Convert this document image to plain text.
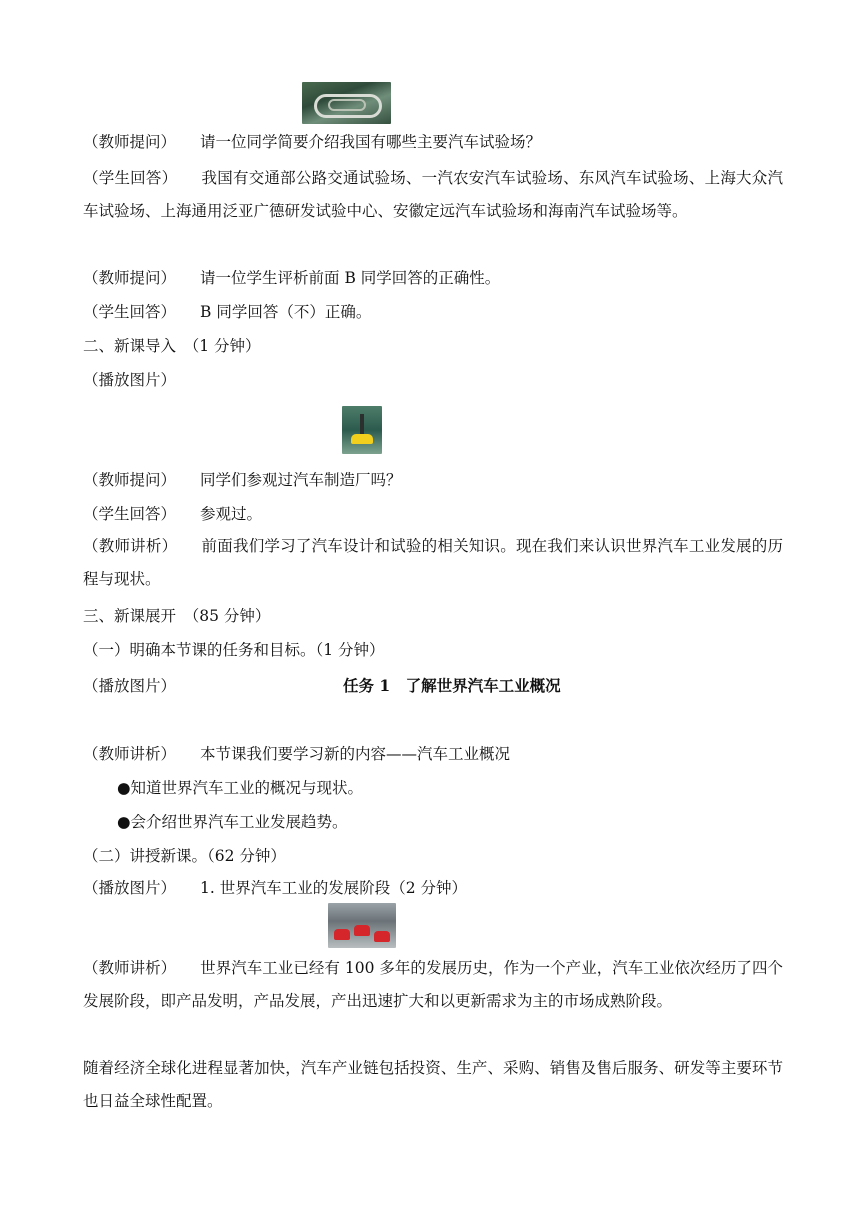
（教师提问） 请一位同学简要介绍我国有哪些主要汽车试验场？
（学生回答） 我国有交通部公路交通试验场、一汽农安汽车试验场、东风汽车试验场、上海大众汽车试验场、上海通用泛亚广德研发试验中心、安徽定远汽车试验场和海南汽车试验场等。
（教师提问） 请一位学生评析前面 B 同学回答的正确性。
（学生回答） B 同学回答（不）正确。
二、新课导入　（1 分钟）
（播放图片）
（教师提问） 同学们参观过汽车制造厂吗？
（学生回答） 参观过。
（教师讲析） 前面我们学习了汽车设计和试验的相关知识。现在我们来认识世界汽车工业发展的历程与现状。
三、新课展开　（85 分钟）
（一）明确本节课的任务和目标。（1 分钟）
（播放图片）	任务 1　了解世界汽车工业概况
（教师讲析） 本节课我们要学习新的内容——汽车工业概况
●知道世界汽车工业的概况与现状。
●会介绍世界汽车工业发展趋势。
（二）讲授新课。（62 分钟）
（播放图片） 1. 世界汽车工业的发展阶段（2 分钟）
（教师讲析） 世界汽车工业已经有 100 多年的发展历史，作为一个产业，汽车工业依次经历了四个发展阶段，即产品发明，产品发展，产出迅速扩大和以更新需求为主的市场成熟阶段。
随着经济全球化进程显著加快，汽车产业链包括投资、生产、采购、销售及售后服务、研发等主要环节也日益全球性配置。
